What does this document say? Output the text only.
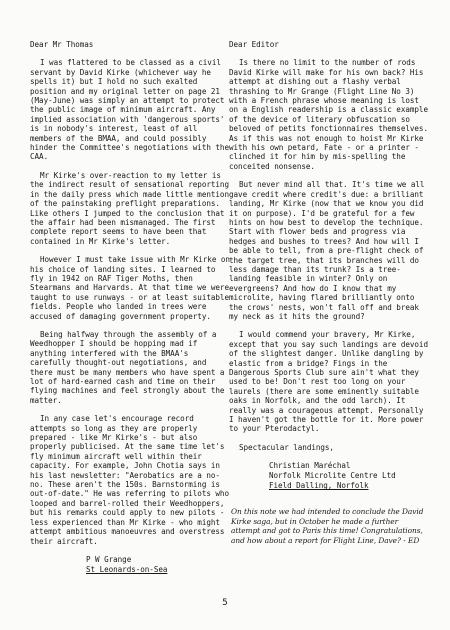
Dear Mr Thomas

I was flattered to be classed as a civil servant by David Kirke (whichever way he spells it) but I hold no such exalted position and my original letter on page 21 (May-June) was simply an attempt to protect the public image of minimum aircraft. Any implied association with 'dangerous sports' is in nobody's interest, least of all members of the BMAA, and could possibly hinder the Committee's negotiations with the CAA.

Mr Kirke's over-reaction to my letter is the indirect result of sensational reporting in the daily press which made little mention of the painstaking preflight preparations. Like others I jumped to the conclusion that the affair had been mismanaged. The first complete report seems to have been that contained in Mr Kirke's letter.

However I must take issue with Mr Kirke on his choice of landing sites. I learned to fly in 1942 on RAF Tiger Moths, then Stearmans and Harvards. At that time we were taught to use runways - or at least suitable fields. People who landed in trees were accused of damaging government property.

Being halfway through the assembly of a Weedhopper I should be hopping mad if anything interfered with the BMAA's carefully thought-out negotiations, and there must be many members who have spent a lot of hard-earned cash and time on their flying machines and feel strongly about the matter.

In any case let's encourage record attempts so long as they are properly prepared - like Mr Kirke's - but also properly publicised. At the same time let's fly minimum aircraft well within their capacity. For example, John Chotia says in his last newsletter: "Aerobatics are a no-no. These aren't the 150s. Barnstorming is out-of-date." He was referring to pilots who looped and barrel-rolled their Weedhoppers, but his remarks could apply to new pilots - less experienced than Mr Kirke - who might attempt ambitious manoeuvres and overstress their aircraft.

P W Grange
St Leonards-on-Sea
Dear Editor

Is there no limit to the number of rods David Kirke will make for his own back? His attempt at dishing out a flashy verbal thrashing to Mr Grange (Flight Line No 3) with a French phrase whose meaning is lost on a English readership is a classic example of the device of literary obfuscation so beloved of petits fonctionnaires themselves. As if this was not enough to hoist Mr Kirke with his own petard, Fate - or a printer - clinched it for him by mis-spelling the conceited nonsense.

But never mind all that. It's time we all gave credit where credit's due: a brilliant landing, Mr Kirke (now that we know you did it on purpose). I'd be grateful for a few hints on how best to develop the technique. Start with flower beds and progress via hedges and bushes to trees? And how will I be able to tell, from a pre-flight check of the target tree, that its branches will do less damage than its trunk? Is a tree-landing feasible in winter? Only on evergreens? And how do I know that my microlite, having flared brilliantly onto the crows' nests, won't fall off and break my neck as it hits the ground?

I would commend your bravery, Mr Kirke, except that you say such landings are devoid of the slightest danger. Unlike dangling by elastic from a bridge? Fings in the Dangerous Sports Club sure ain't what they used to be! Don't rest too long on your laurels (there are some eminently suitable oaks in Norfolk, and the odd larch). It really was a courageous attempt. Personally I haven't got the bottle for it. More power to your Pterodactyl.

Spectacular landings,

Christian Maréchal
Norfolk Microlite Centre Ltd
Field Dalling, Norfolk
On this note we had intended to conclude the David Kirke saga, but in October he made a further attempt and got to Paris this time! Congratulations, and how about a report for Flight Line, Dave? - ED
5
